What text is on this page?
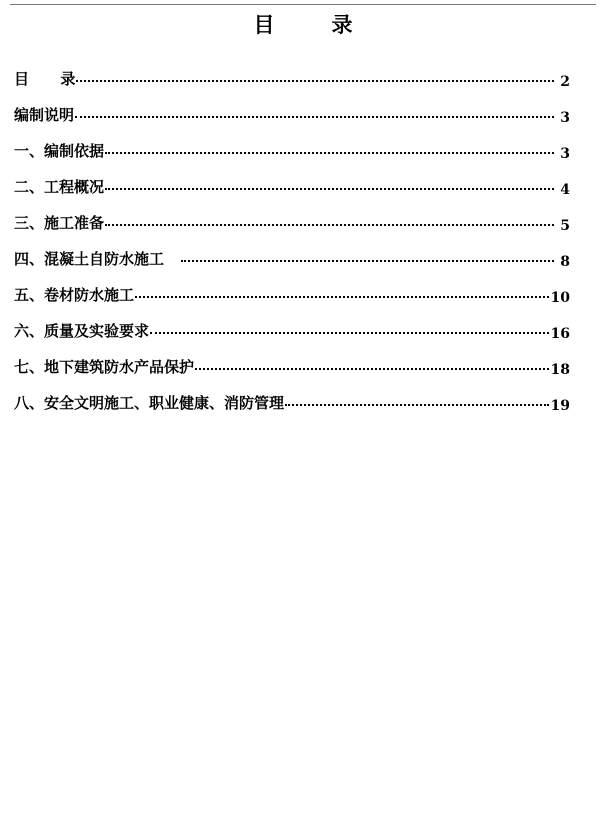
目	录
目      录	2
编制说明	3
一、编制依据	3
二、工程概况	4
三、施工准备	5
四、混凝土自防水施工	8
五、卷材防水施工	10
六、质量及实验要求	16
七、地下建筑防水产品保护	18
八、安全文明施工、职业健康、消防管理	19
